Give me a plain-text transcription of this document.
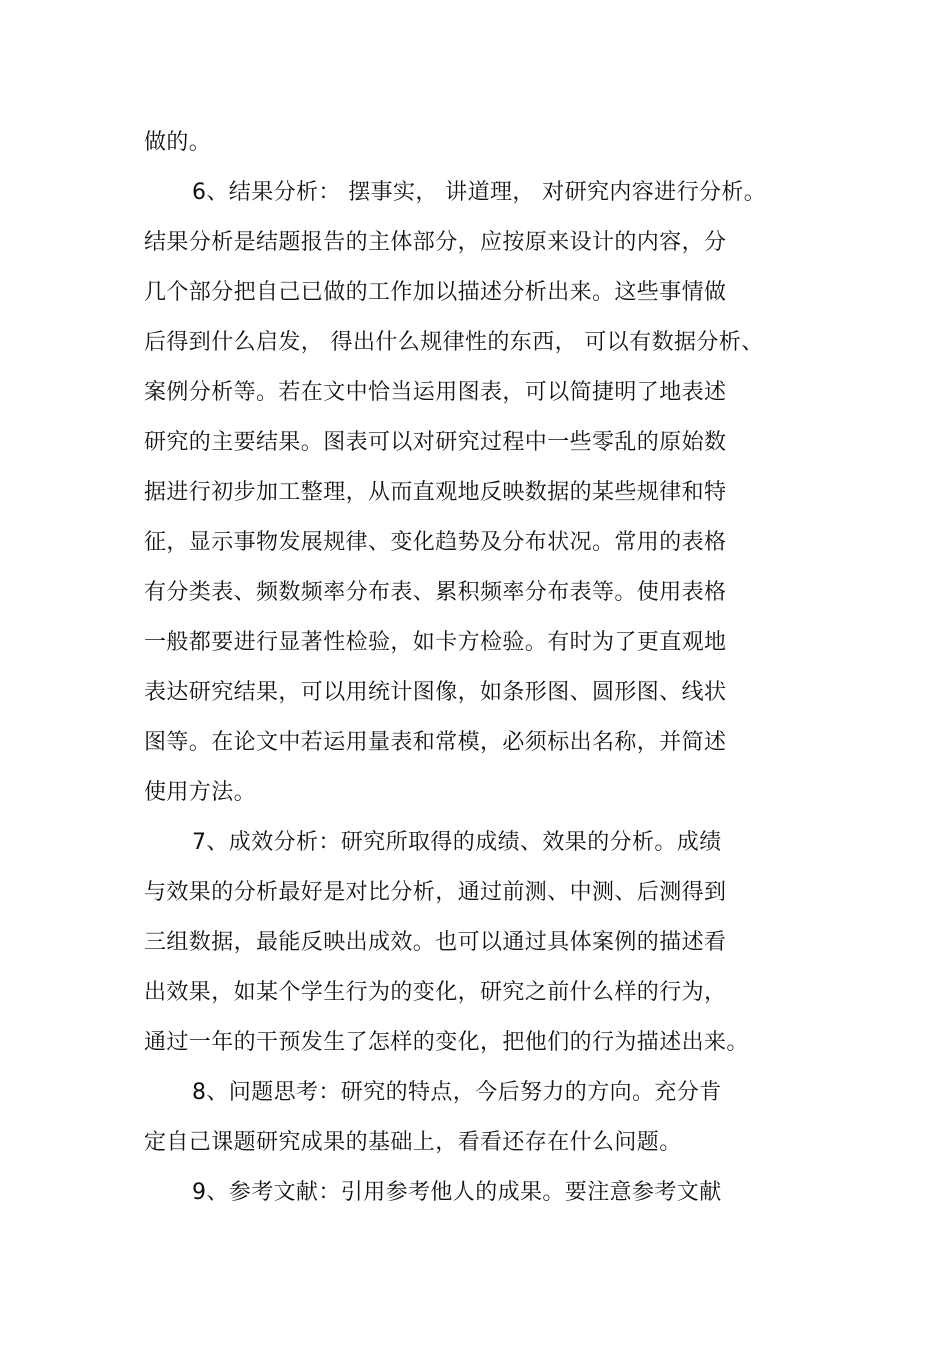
做的。
6、结果分析： 摆事实， 讲道理， 对研究内容进行分析。
结果分析是结题报告的主体部分，应按原来设计的内容，分
几个部分把自己已做的工作加以描述分析出来。这些事情做
后得到什么启发， 得出什么规律性的东西， 可以有数据分析、
案例分析等。若在文中恰当运用图表，可以简捷明了地表述
研究的主要结果。图表可以对研究过程中一些零乱的原始数
据进行初步加工整理，从而直观地反映数据的某些规律和特
征，显示事物发展规律、变化趋势及分布状况。常用的表格
有分类表、频数频率分布表、累积频率分布表等。使用表格
一般都要进行显著性检验，如卡方检验。有时为了更直观地
表达研究结果，可以用统计图像，如条形图、圆形图、线状
图等。在论文中若运用量表和常模，必须标出名称，并简述
使用方法。
7、成效分析：研究所取得的成绩、效果的分析。成绩
与效果的分析最好是对比分析，通过前测、中测、后测得到
三组数据，最能反映出成效。也可以通过具体案例的描述看
出效果，如某个学生行为的变化，研究之前什么样的行为，
通过一年的干预发生了怎样的变化，把他们的行为描述出来。
8、问题思考：研究的特点，今后努力的方向。充分肯
定自己课题研究成果的基础上，看看还存在什么问题。
9、参考文献：引用参考他人的成果。要注意参考文献
